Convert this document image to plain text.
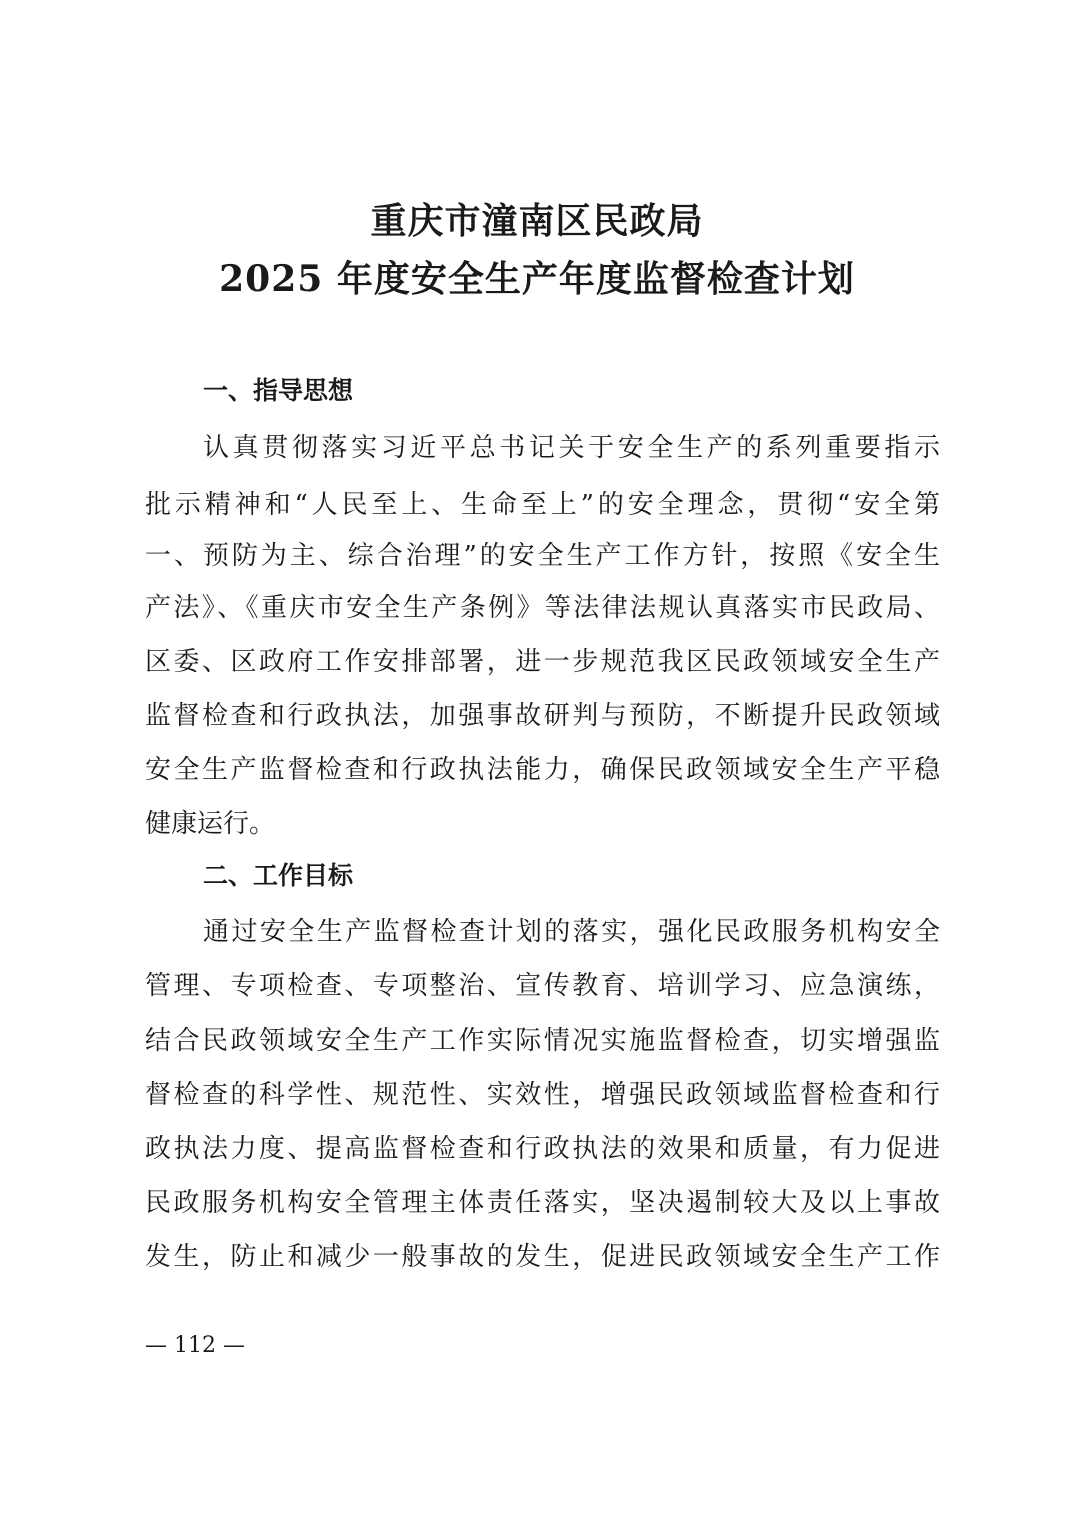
重庆市潼南区民政局
2025 年度安全生产年度监督检查计划
一、指导思想
认真贯彻落实习近平总书记关于安全生产的系列重要指示
批示精神和“人民至上、生命至上”的安全理念，贯彻“安全第
一、预防为主、综合治理”的安全生产工作方针，按照《安全生
产法》、《重庆市安全生产条例》等法律法规认真落实市民政局、
区委、区政府工作安排部署，进一步规范我区民政领域安全生产
监督检查和行政执法，加强事故研判与预防，不断提升民政领域
安全生产监督检查和行政执法能力，确保民政领域安全生产平稳
健康运行。
二、工作目标
通过安全生产监督检查计划的落实，强化民政服务机构安全
管理、专项检查、专项整治、宣传教育、培训学习、应急演练，
结合民政领域安全生产工作实际情况实施监督检查，切实增强监
督检查的科学性、规范性、实效性，增强民政领域监督检查和行
政执法力度、提高监督检查和行政执法的效果和质量，有力促进
民政服务机构安全管理主体责任落实，坚决遏制较大及以上事故
发生，防止和减少一般事故的发生，促进民政领域安全生产工作
— 112 —
